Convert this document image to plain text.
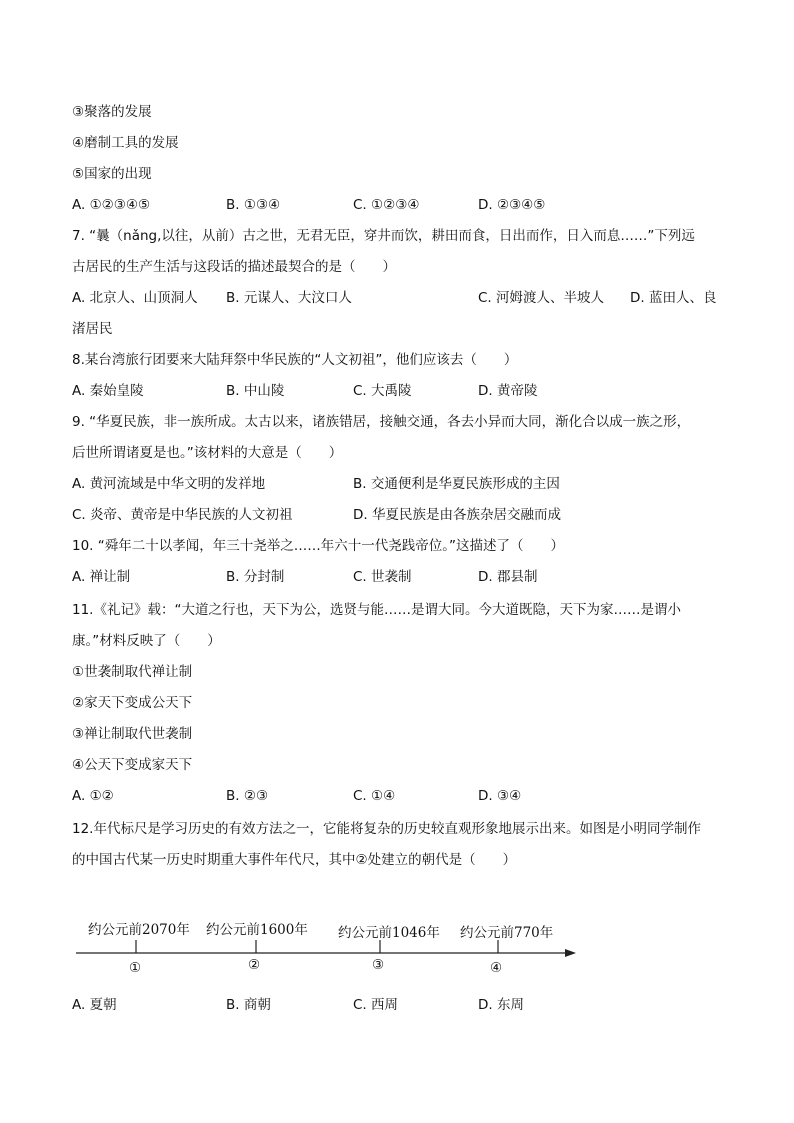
③聚落的发展
④磨制工具的发展
⑤国家的出现
A. ①②③④⑤	B. ①③④	C. ①②③④	D. ②③④⑤
7. “曩（nǎng,以往，从前）古之世，无君无臣，穿井而饮，耕田而食，日出而作，日入而息……”下列远
古居民的生产生活与这段话的描述最契合的是（　　）
A. 北京人、山顶洞人 B. 元谋人、大汶口人	C. 河姆渡人、半坡人 D. 蓝田人、良
渚居民
8.某台湾旅行团要来大陆拜祭中华民族的“人文初祖”，他们应该去（　　）
A. 秦始皇陵	B. 中山陵	C. 大禹陵	D. 黄帝陵
9. “华夏民族，非一族所成。太古以来，诸族错居，接触交通，各去小异而大同，渐化合以成一族之形，
后世所谓诸夏是也。”该材料的大意是（　　）
A. 黄河流域是中华文明的发祥地	B. 交通便利是华夏民族形成的主因
C. 炎帝、黄帝是中华民族的人文初祖	D. 华夏民族是由各族杂居交融而成
10. “舜年二十以孝闻，年三十尧举之……年六十一代尧践帝位。”这描述了（　　）
A. 禅让制	B. 分封制	C. 世袭制	D. 郡县制
11.《礼记》载：“大道之行也，天下为公，选贤与能……是谓大同。今大道既隐，天下为家……是谓小
康。”材料反映了（　　）
①世袭制取代禅让制
②家天下变成公天下
③禅让制取代世袭制
④公天下变成家天下
A. ①②	B. ②③	C. ①④	D. ③④
12.年代标尺是学习历史的有效方法之一，它能将复杂的历史较直观形象地展示出来。如图是小明同学制作
的中国古代某一历史时期重大事件年代尺，其中②处建立的朝代是（　　）
约公元前2070年 约公元前1600年 约公元前1046年 约公元前770年
①	②	③	④
A. 夏朝	B. 商朝	C. 西周	D. 东周
